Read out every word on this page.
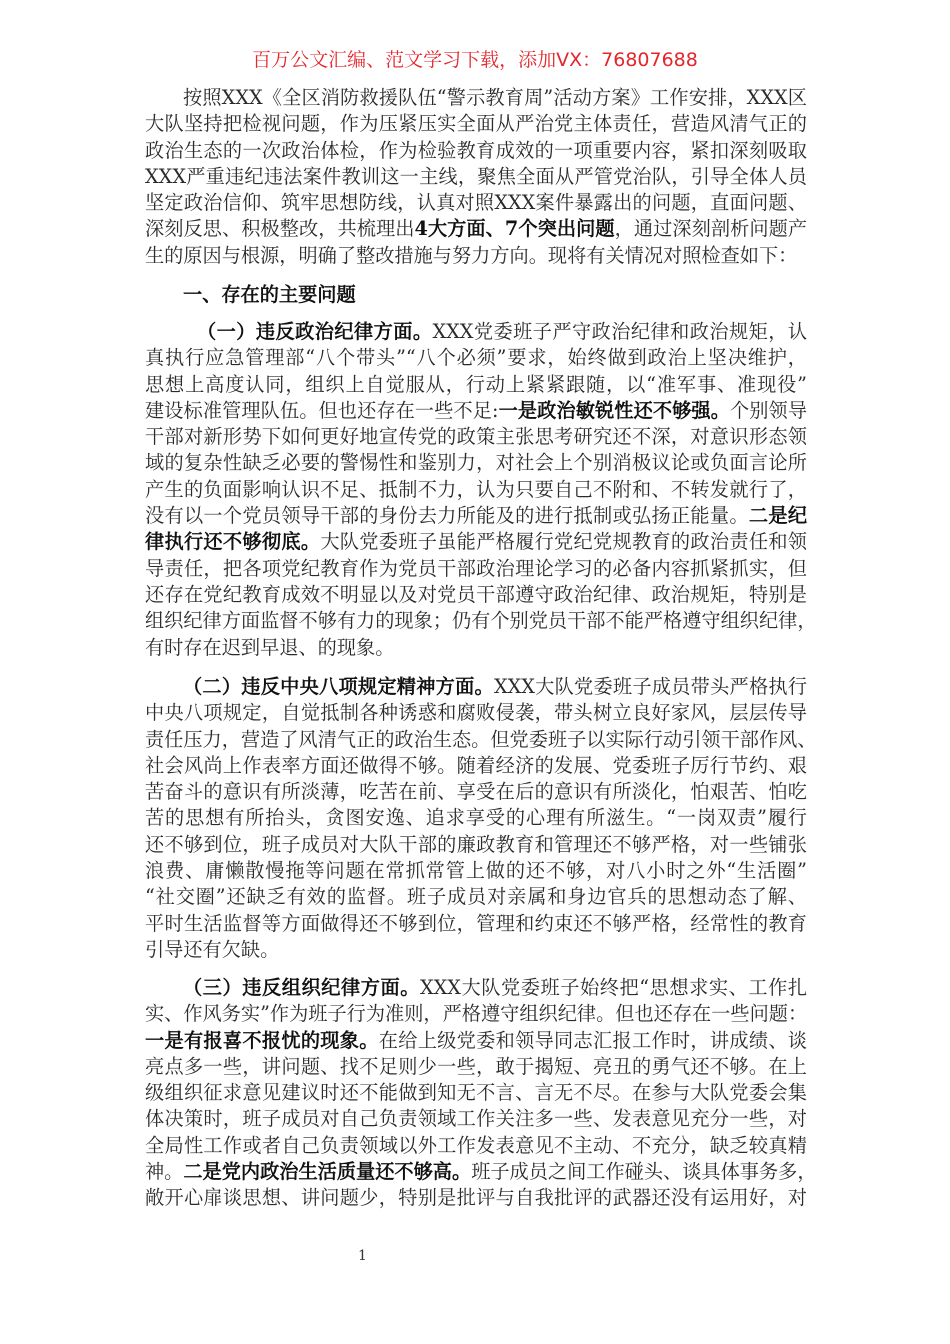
百万公文汇编、范文学习下载，添加VX：76807688
按照XXX《全区消防救援队伍“警示教育周”活动方案》工作安排，XXX区
大队坚持把检视问题，作为压紧压实全面从严治党主体责任，营造风清气正的
政治生态的一次政治体检，作为检验教育成效的一项重要内容，紧扣深刻吸取
XXX严重违纪违法案件教训这一主线，聚焦全面从严管党治队，引导全体人员
坚定政治信仰、筑牢思想防线，认真对照XXX案件暴露出的问题，直面问题、
深刻反思、积极整改，共梳理出4大方面、7个突出问题，通过深刻剖析问题产
生的原因与根源，明确了整改措施与努力方向。现将有关情况对照检查如下：
一、存在的主要问题
（一）违反政治纪律方面。XXX党委班子严守政治纪律和政治规矩，认
真执行应急管理部“八个带头”“八个必须”要求，始终做到政治上坚决维护，
思想上高度认同，组织上自觉服从，行动上紧紧跟随，以“准军事、准现役”
建设标准管理队伍。但也还存在一些不足:一是政治敏锐性还不够强。个别领导
干部对新形势下如何更好地宣传党的政策主张思考研究还不深，对意识形态领
域的复杂性缺乏必要的警惕性和鉴别力，对社会上个别消极议论或负面言论所
产生的负面影响认识不足、抵制不力，认为只要自己不附和、不转发就行了，
没有以一个党员领导干部的身份去力所能及的进行抵制或弘扬正能量。二是纪
律执行还不够彻底。大队党委班子虽能严格履行党纪党规教育的政治责任和领
导责任，把各项党纪教育作为党员干部政治理论学习的必备内容抓紧抓实，但
还存在党纪教育成效不明显以及对党员干部遵守政治纪律、政治规矩，特别是
组织纪律方面监督不够有力的现象；仍有个别党员干部不能严格遵守组织纪律，
有时存在迟到早退、的现象。
（二）违反中央八项规定精神方面。XXX大队党委班子成员带头严格执行
中央八项规定，自觉抵制各种诱惑和腐败侵袭，带头树立良好家风，层层传导
责任压力，营造了风清气正的政治生态。但党委班子以实际行动引领干部作风、
社会风尚上作表率方面还做得不够。随着经济的发展、党委班子厉行节约、艰
苦奋斗的意识有所淡薄，吃苦在前、享受在后的意识有所淡化，怕艰苦、怕吃
苦的思想有所抬头，贪图安逸、追求享受的心理有所滋生。“一岗双责”履行
还不够到位，班子成员对大队干部的廉政教育和管理还不够严格，对一些铺张
浪费、庸懒散慢拖等问题在常抓常管上做的还不够，对八小时之外“生活圈”
“社交圈”还缺乏有效的监督。班子成员对亲属和身边官兵的思想动态了解、
平时生活监督等方面做得还不够到位，管理和约束还不够严格，经常性的教育
引导还有欠缺。
（三）违反组织纪律方面。XXX大队党委班子始终把“思想求实、工作扎
实、作风务实”作为班子行为准则，严格遵守组织纪律。但也还存在一些问题：
一是有报喜不报忧的现象。在给上级党委和领导同志汇报工作时，讲成绩、谈
亮点多一些，讲问题、找不足则少一些，敢于揭短、亮丑的勇气还不够。在上
级组织征求意见建议时还不能做到知无不言、言无不尽。在参与大队党委会集
体决策时，班子成员对自己负责领域工作关注多一些、发表意见充分一些，对
全局性工作或者自己负责领域以外工作发表意见不主动、不充分，缺乏较真精
神。二是党内政治生活质量还不够高。班子成员之间工作碰头、谈具体事务多，
敞开心扉谈思想、讲问题少，特别是批评与自我批评的武器还没有运用好，对
1
